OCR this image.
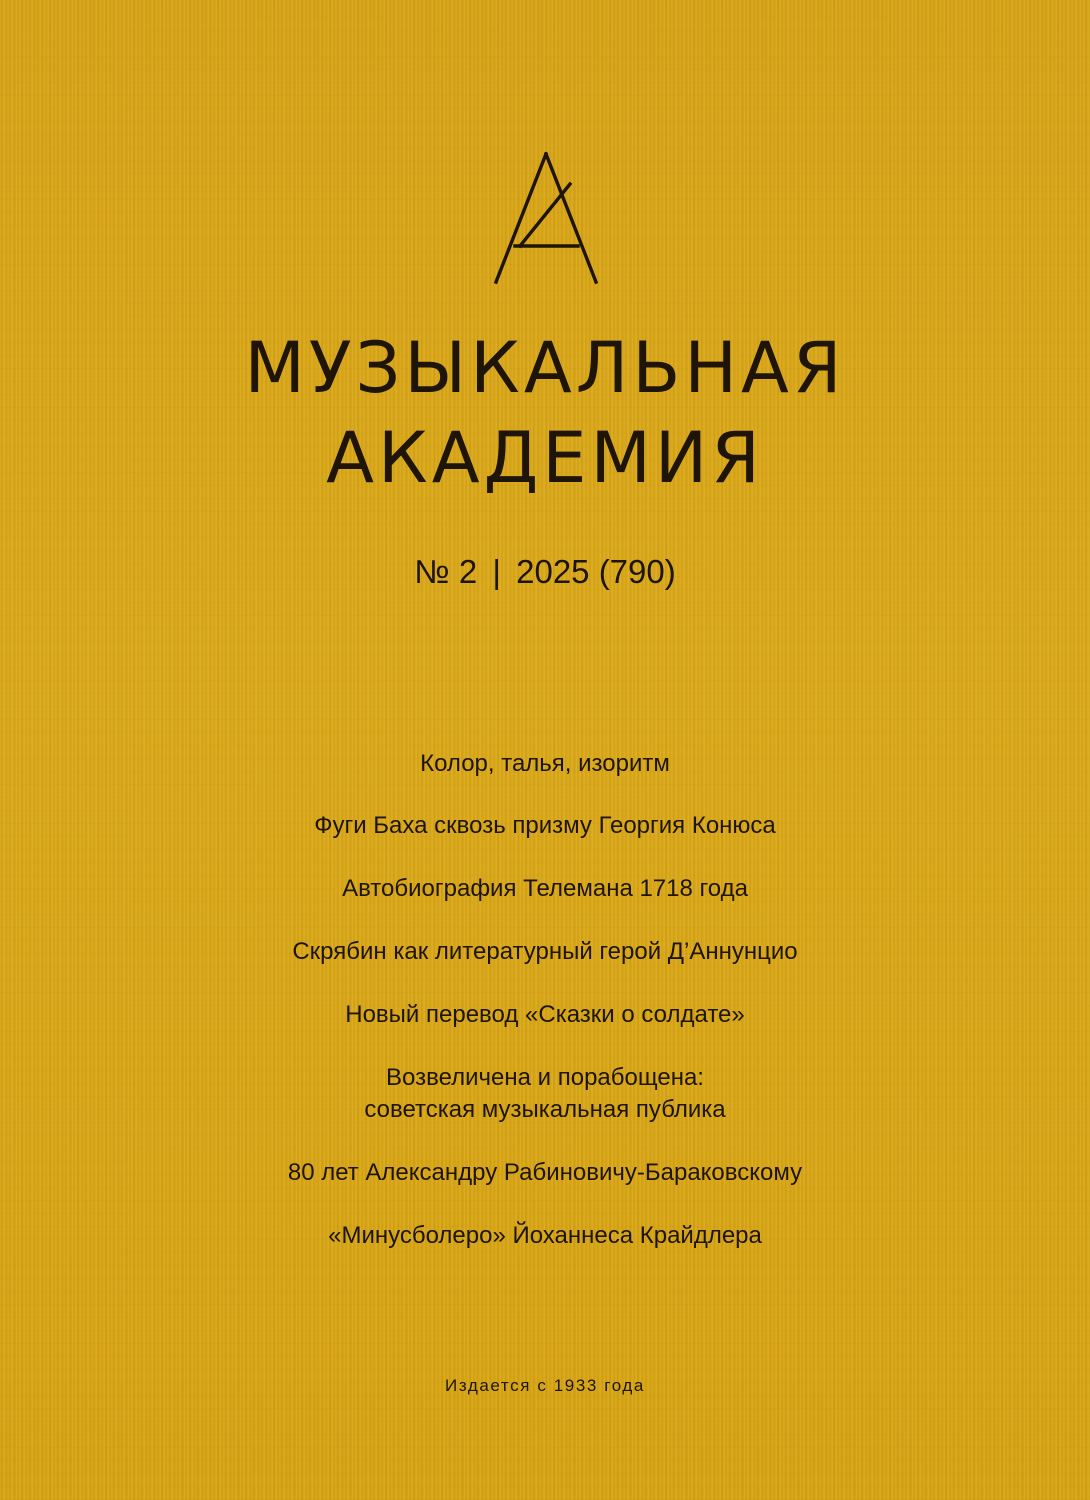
МУЗЫКАЛЬНАЯ
АКАДЕМИЯ
№ 2 | 2025 (790)
Колор, талья, изоритм
Фуги Баха сквозь призму Георгия Конюса
Автобиография Телемана 1718 года
Скрябин как литературный герой Д’Аннунцио
Новый перевод «Сказки о солдате»
Возвеличена и порабощена:
советская музыкальная публика
80 лет Александру Рабиновичу-Бараковскому
«Минусболеро» Йоханнеса Крайдлера
Издается с 1933 года
